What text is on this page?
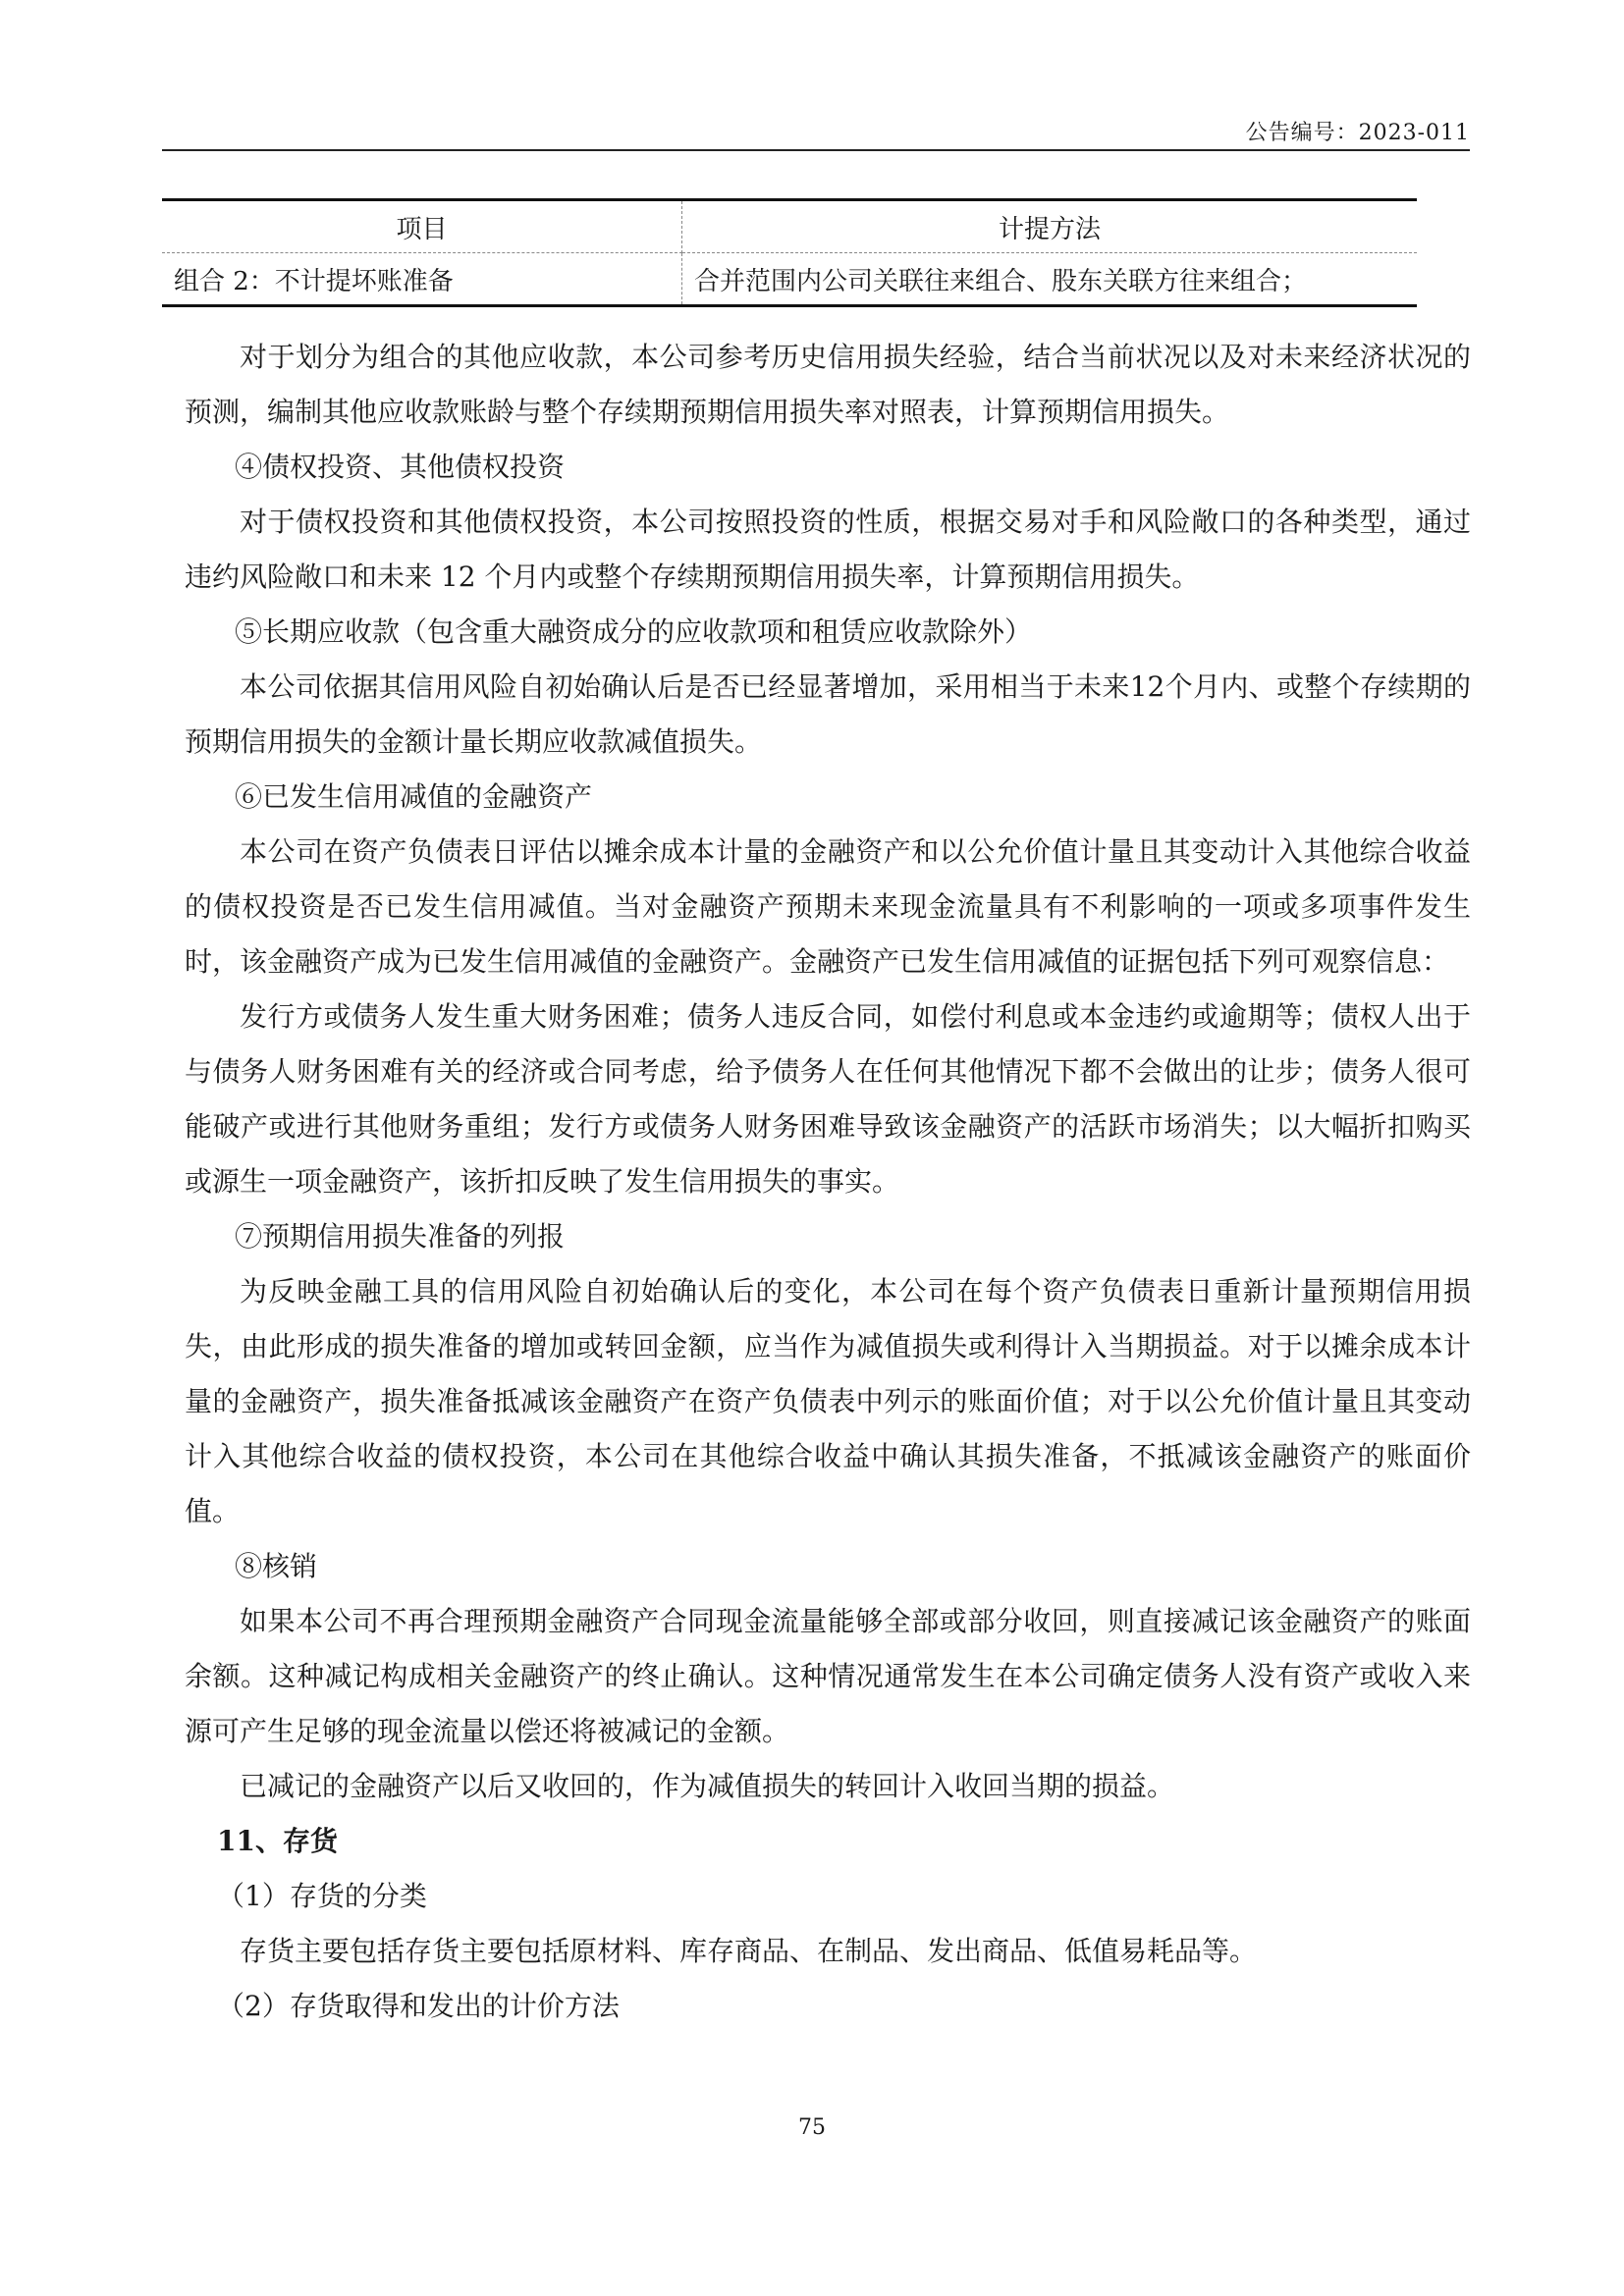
公告编号：2023-011
项目	计提方法
组合 2：不计提坏账准备	合并范围内公司关联往来组合、股东关联方往来组合；

对于划分为组合的其他应收款，本公司参考历史信用损失经验，结合当前状况以及对未来经济状况的预测，编制其他应收款账龄与整个存续期预期信用损失率对照表，计算预期信用损失。

④债权投资、其他债权投资

对于债权投资和其他债权投资，本公司按照投资的性质，根据交易对手和风险敞口的各种类型，通过违约风险敞口和未来 12 个月内或整个存续期预期信用损失率，计算预期信用损失。

⑤长期应收款（包含重大融资成分的应收款项和租赁应收款除外）

本公司依据其信用风险自初始确认后是否已经显著增加，采用相当于未来12个月内、或整个存续期的预期信用损失的金额计量长期应收款减值损失。

⑥已发生信用减值的金融资产

本公司在资产负债表日评估以摊余成本计量的金融资产和以公允价值计量且其变动计入其他综合收益的债权投资是否已发生信用减值。当对金融资产预期未来现金流量具有不利影响的一项或多项事件发生时，该金融资产成为已发生信用减值的金融资产。金融资产已发生信用减值的证据包括下列可观察信息：

发行方或债务人发生重大财务困难；债务人违反合同，如偿付利息或本金违约或逾期等；债权人出于与债务人财务困难有关的经济或合同考虑，给予债务人在任何其他情况下都不会做出的让步；债务人很可能破产或进行其他财务重组；发行方或债务人财务困难导致该金融资产的活跃市场消失；以大幅折扣购买或源生一项金融资产，该折扣反映了发生信用损失的事实。

⑦预期信用损失准备的列报

为反映金融工具的信用风险自初始确认后的变化，本公司在每个资产负债表日重新计量预期信用损失，由此形成的损失准备的增加或转回金额，应当作为减值损失或利得计入当期损益。对于以摊余成本计量的金融资产，损失准备抵减该金融资产在资产负债表中列示的账面价值；对于以公允价值计量且其变动计入其他综合收益的债权投资，本公司在其他综合收益中确认其损失准备，不抵减该金融资产的账面价值。

⑧核销

如果本公司不再合理预期金融资产合同现金流量能够全部或部分收回，则直接减记该金融资产的账面余额。这种减记构成相关金融资产的终止确认。这种情况通常发生在本公司确定债务人没有资产或收入来源可产生足够的现金流量以偿还将被减记的金额。

已减记的金融资产以后又收回的，作为减值损失的转回计入收回当期的损益。

11、存货

（1）存货的分类

存货主要包括存货主要包括原材料、库存商品、在制品、发出商品、低值易耗品等。

（2）存货取得和发出的计价方法

75
